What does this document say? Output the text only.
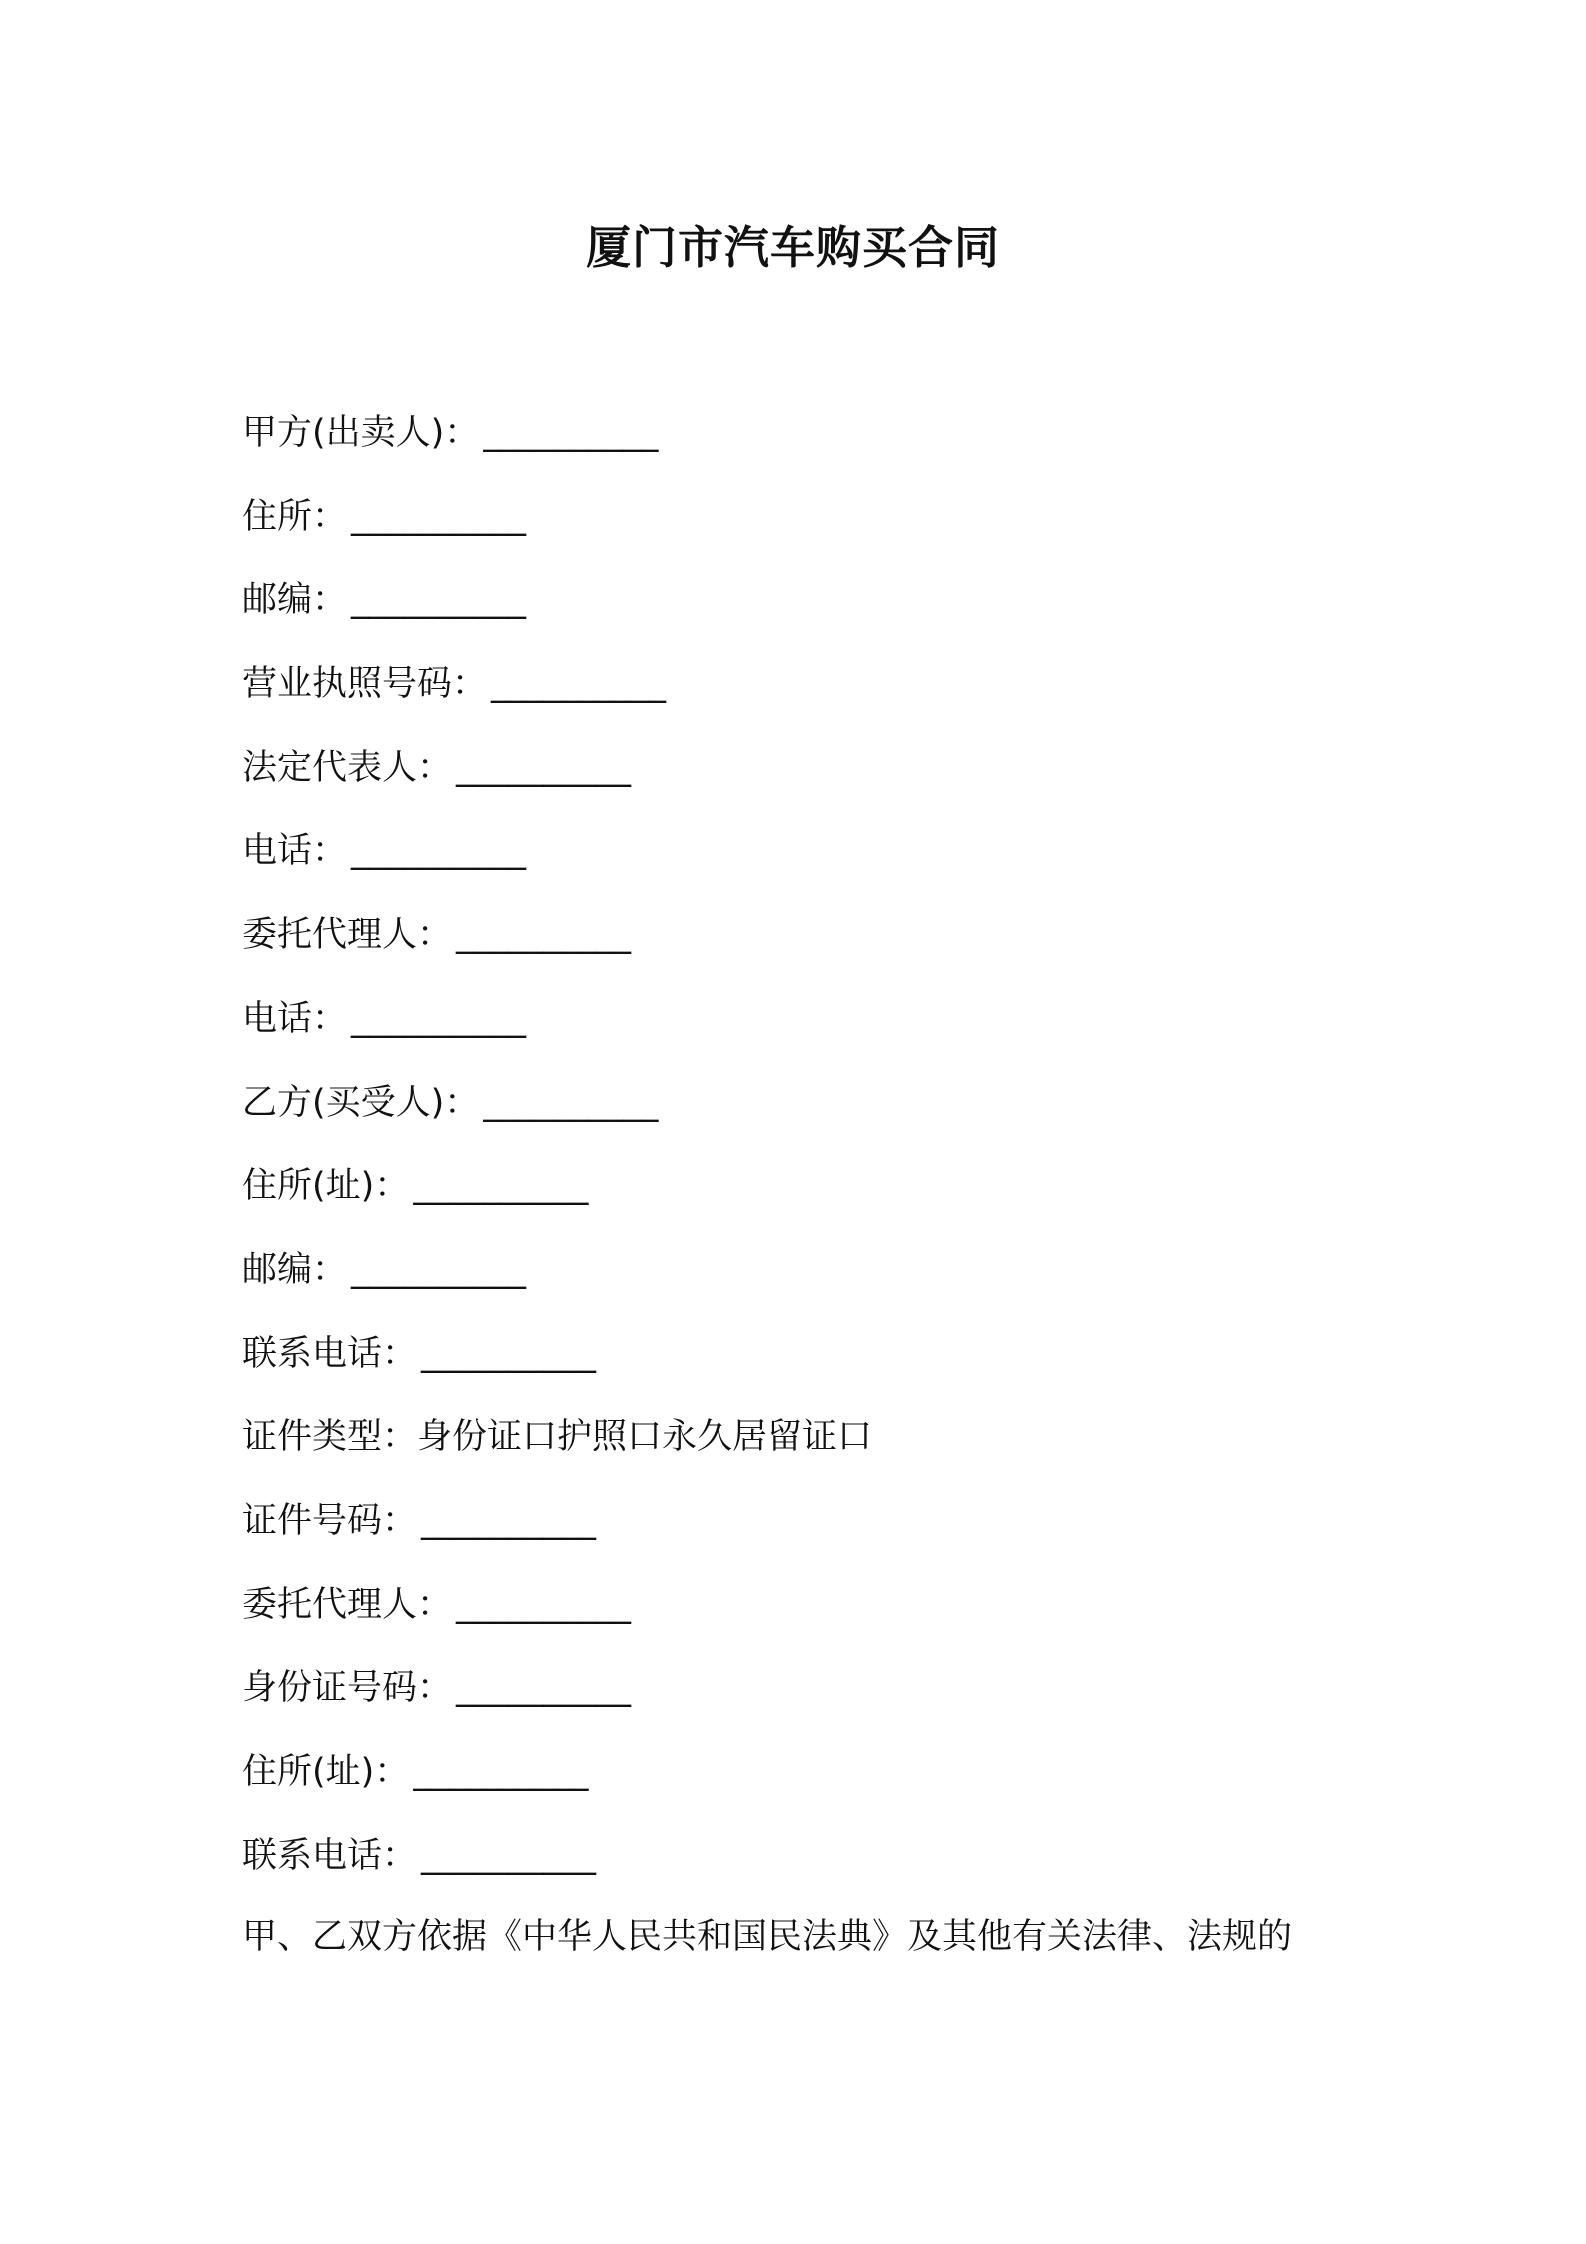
厦门市汽车购买合同
甲方(出卖人)： __________
住所： __________
邮编： __________
营业执照号码： __________
法定代表人： __________
电话： __________
委托代理人： __________
电话： __________
乙方(买受人)： __________
住所(址)： __________
邮编： __________
联系电话： __________
证件类型：身份证口护照口永久居留证口
证件号码： __________
委托代理人： __________
身份证号码： __________
住所(址)： __________
联系电话： __________

甲、乙双方依据《中华人民共和国民法典》及其他有关法律、法规的
